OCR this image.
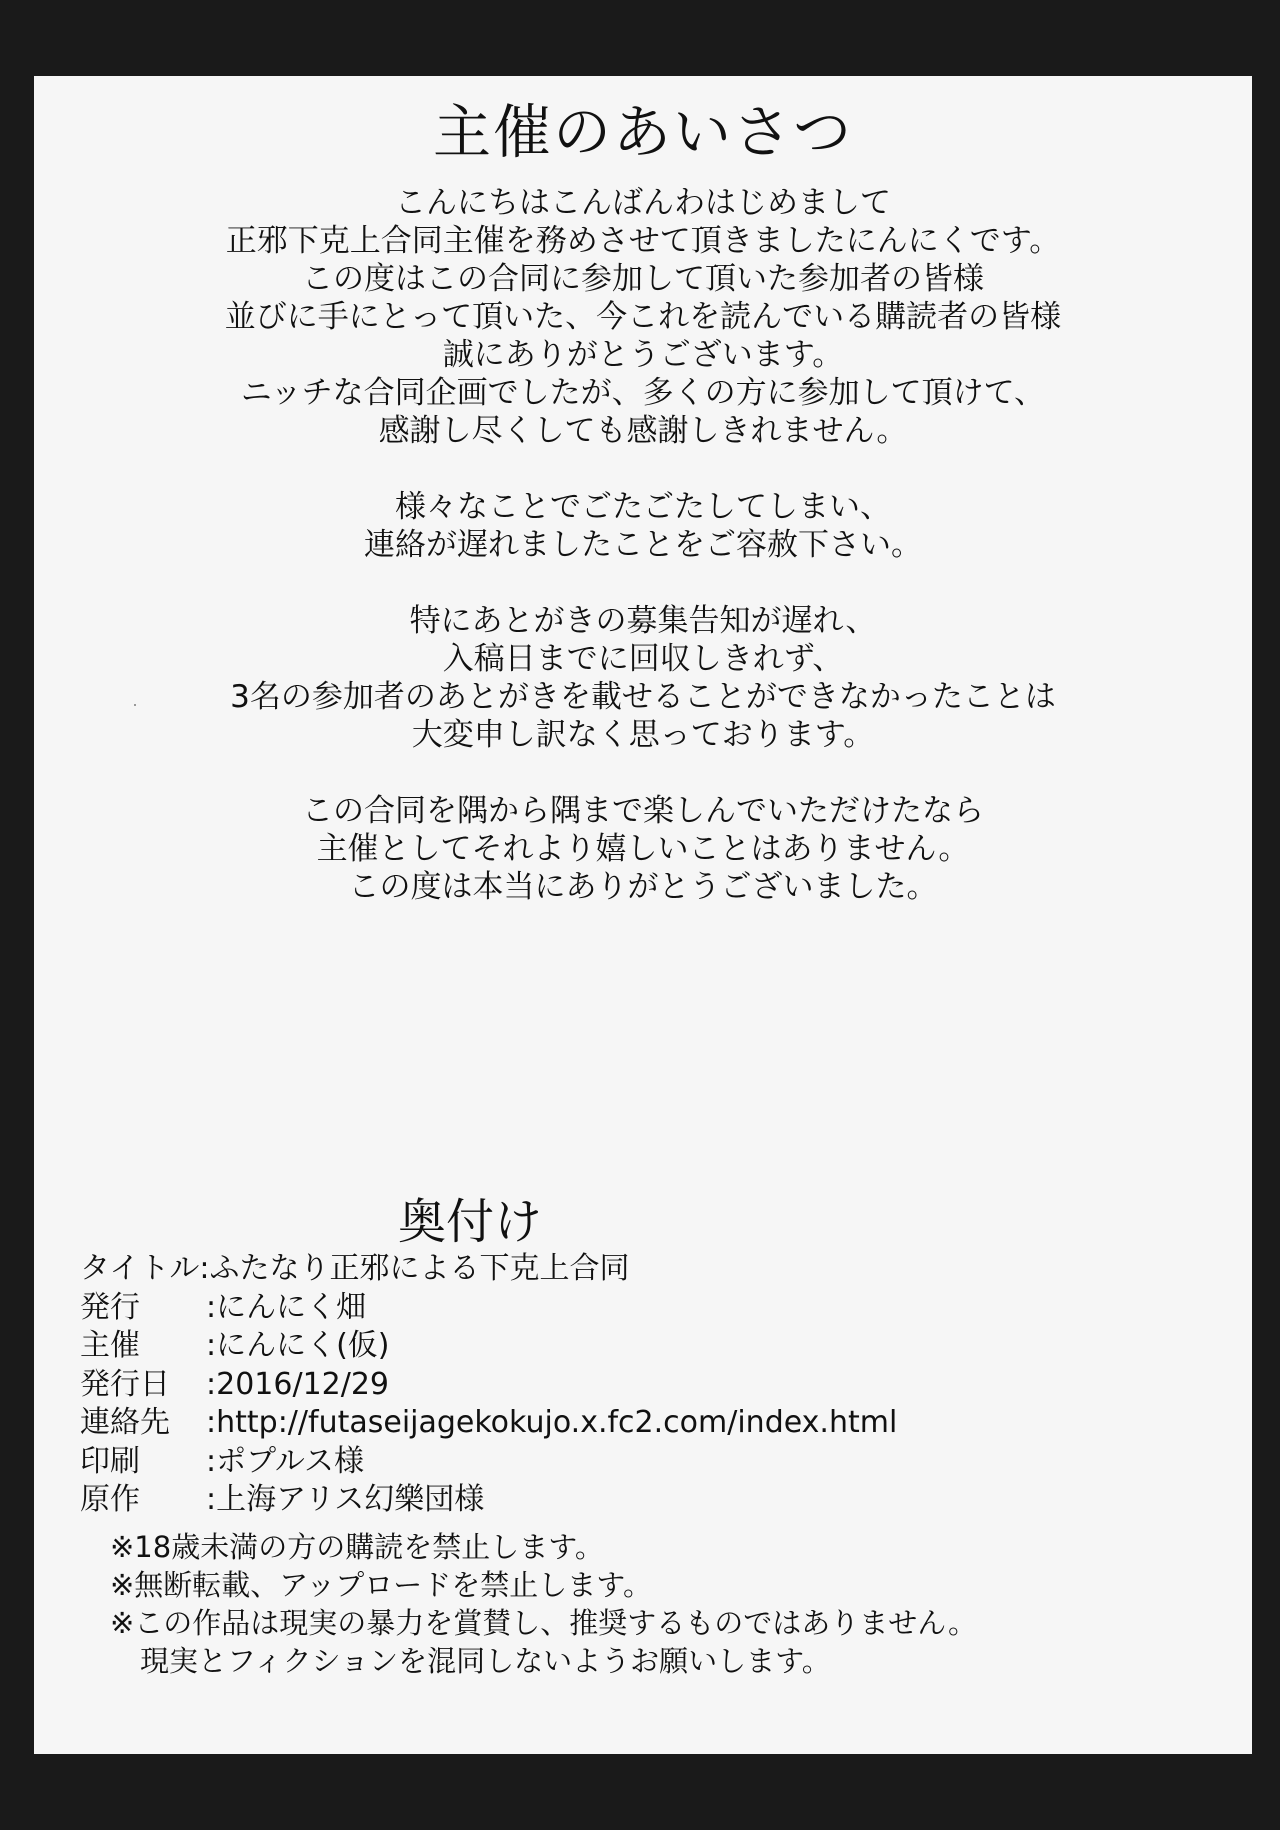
主催のあいさつ
こんにちはこんばんわはじめまして
正邪下克上合同主催を務めさせて頂きましたにんにくです。
この度はこの合同に参加して頂いた参加者の皆様
並びに手にとって頂いた、今これを読んでいる購読者の皆様
誠にありがとうございます。
ニッチな合同企画でしたが、多くの方に参加して頂けて、
感謝し尽くしても感謝しきれません。
様々なことでごたごたしてしまい、
連絡が遅れましたことをご容赦下さい。
特にあとがきの募集告知が遅れ、
入稿日までに回収しきれず、
3名の参加者のあとがきを載せることができなかったことは
大変申し訳なく思っております。
この合同を隅から隅まで楽しんでいただけたなら
主催としてそれより嬉しいことはありません。
この度は本当にありがとうございました。
奥付け
タイトル :ふたなり正邪による下克上合同
発行	:にんにく畑
主催	:にんにく(仮)
発行日	:2016/12/29
連絡先	:http://futaseijagekokujo.x.fc2.com/index.html
印刷	:ポプルス様
原作	:上海アリス幻樂団様
※18歳未満の方の購読を禁止します。
※無断転載、アップロードを禁止します。
※この作品は現実の暴力を賞賛し、推奨するものではありません。
現実とフィクションを混同しないようお願いします。
